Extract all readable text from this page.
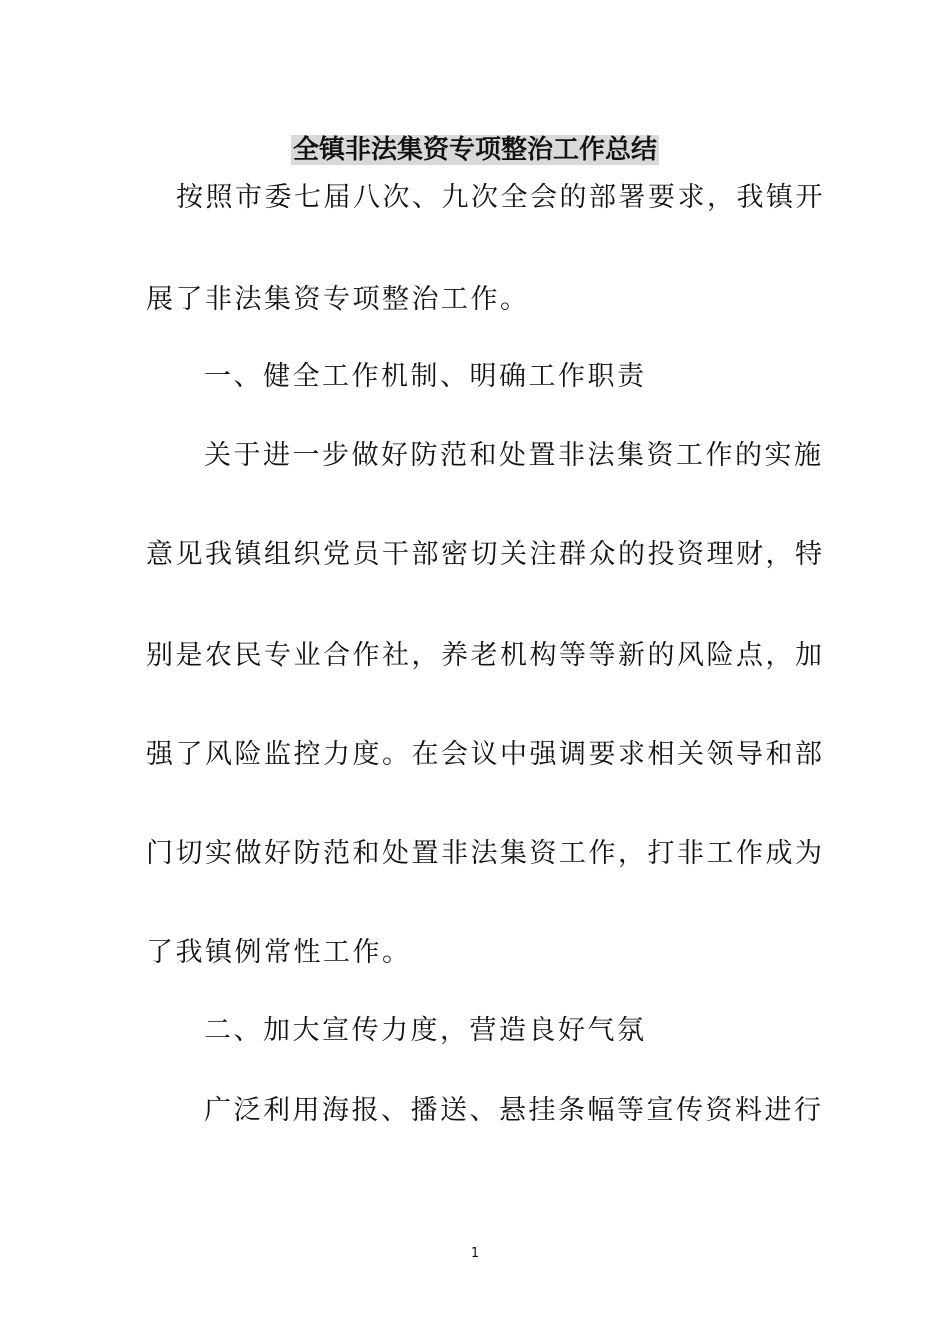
全镇非法集资专项整治工作总结
按照市委七届八次、九次全会的部署要求，我镇开
展了非法集资专项整治工作。
一、健全工作机制、明确工作职责
关于进一步做好防范和处置非法集资工作的实施
意见我镇组织党员干部密切关注群众的投资理财，特
别是农民专业合作社，养老机构等等新的风险点，加
强了风险监控力度。在会议中强调要求相关领导和部
门切实做好防范和处置非法集资工作，打非工作成为
了我镇例常性工作。
二、加大宣传力度，营造良好气氛
广泛利用海报、播送、悬挂条幅等宣传资料进行
1
